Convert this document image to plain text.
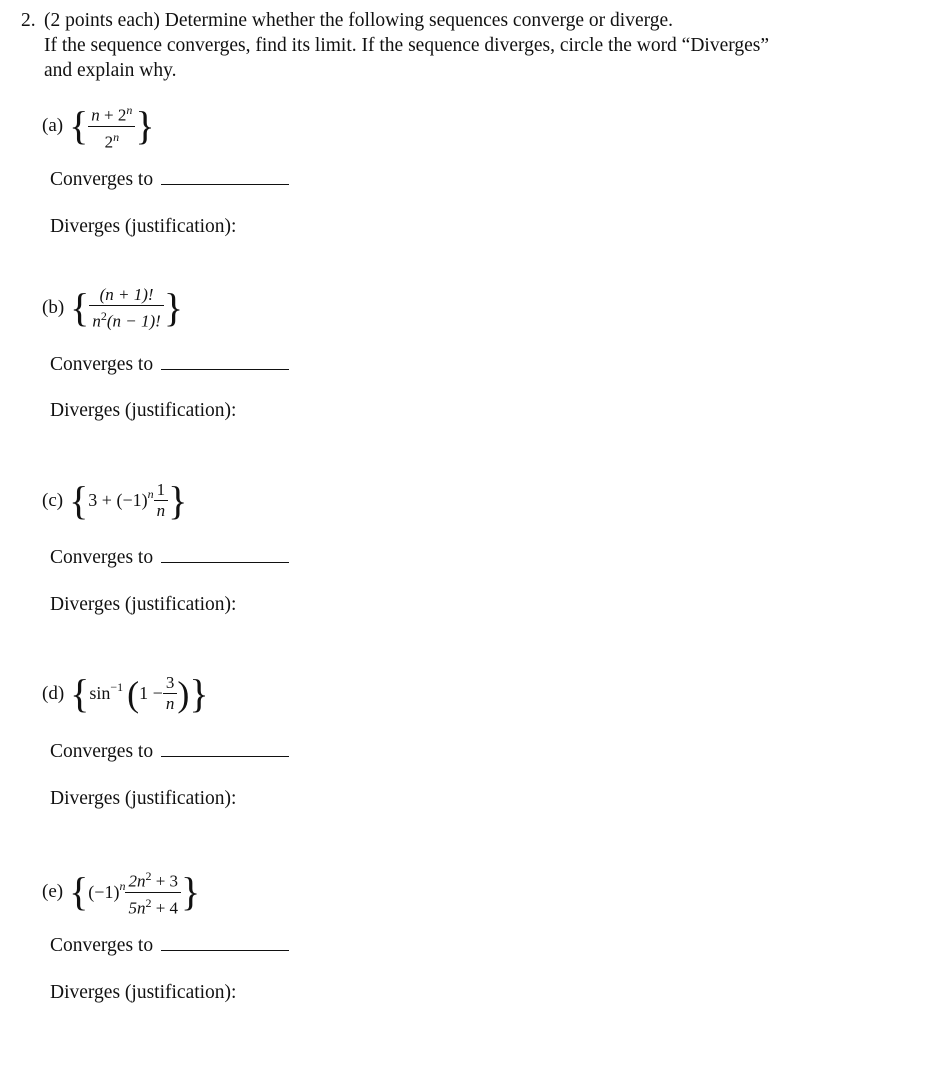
2. (2 points each) Determine whether the following sequences converge or diverge.
If the sequence converges, find its limit. If the sequence diverges, circle the word “Diverges”
and explain why.
(a) { $\frac{n + 2^n}{2^n}$ }
Converges to
Diverges (justification):
(b) { $\frac{(n + 1)!}{n^2(n - 1)!}$ }
Converges to
Diverges (justification):
(c) { $3 + (-1)^n \frac{1}{n}$ }
Converges to
Diverges (justification):
(d) { $\sin^{-1}$ ( $1 - \frac{3}{n}$ ) }
Converges to
Diverges (justification):
(e) { $(-1)^n \frac{2n^2 + 3}{5n^2 + 4}$ }
Converges to
Diverges (justification):
